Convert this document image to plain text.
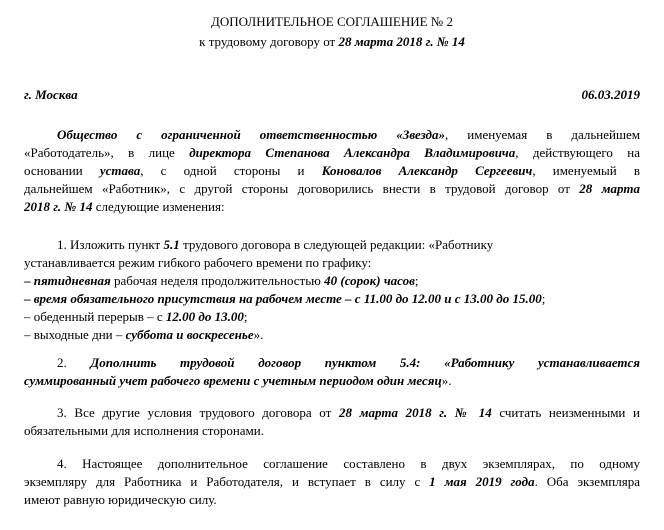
ДОПОЛНИТЕЛЬНОЕ СОГЛАШЕНИЕ № 2
к трудовому договору от 28 марта 2018 г. № 14
г. Москва	06.03.2019
Общество с ограниченной ответственностью «Звезда», именуемая в дальнейшем
«Работодатель», в лице директора Степанова Александра Владимировича, действующего на
основании устава, с одной стороны и Коновалов Александр Сергеевич, именуемый в
дальнейшем «Работник», с другой стороны договорились внести в трудовой договор от 28 марта
2018 г. № 14 следующие изменения:
1. Изложить пункт 5.1 трудового договора в следующей редакции: «Работнику
устанавливается режим гибкого рабочего времени по графику:
– пятидневная рабочая неделя продолжительностью 40 (сорок) часов;
– время обязательного присутствия на рабочем месте – с 11.00 до 12.00 и с 13.00 до 15.00;
– обеденный перерыв – с 12.00 до 13.00;
– выходные дни – суббота и воскресенье».
2. Дополнить трудовой договор пунктом 5.4: «Работнику устанавливается
суммированный учет рабочего времени с учетным периодом один месяц».
3. Все другие условия трудового договора от 28 марта 2018 г. № 14 считать неизменными и
обязательными для исполнения сторонами.
4. Настоящее дополнительное соглашение составлено в двух экземплярах, по одному
экземпляру для Работника и Работодателя, и вступает в силу с 1 мая 2019 года. Оба экземпляра
имеют равную юридическую силу.
